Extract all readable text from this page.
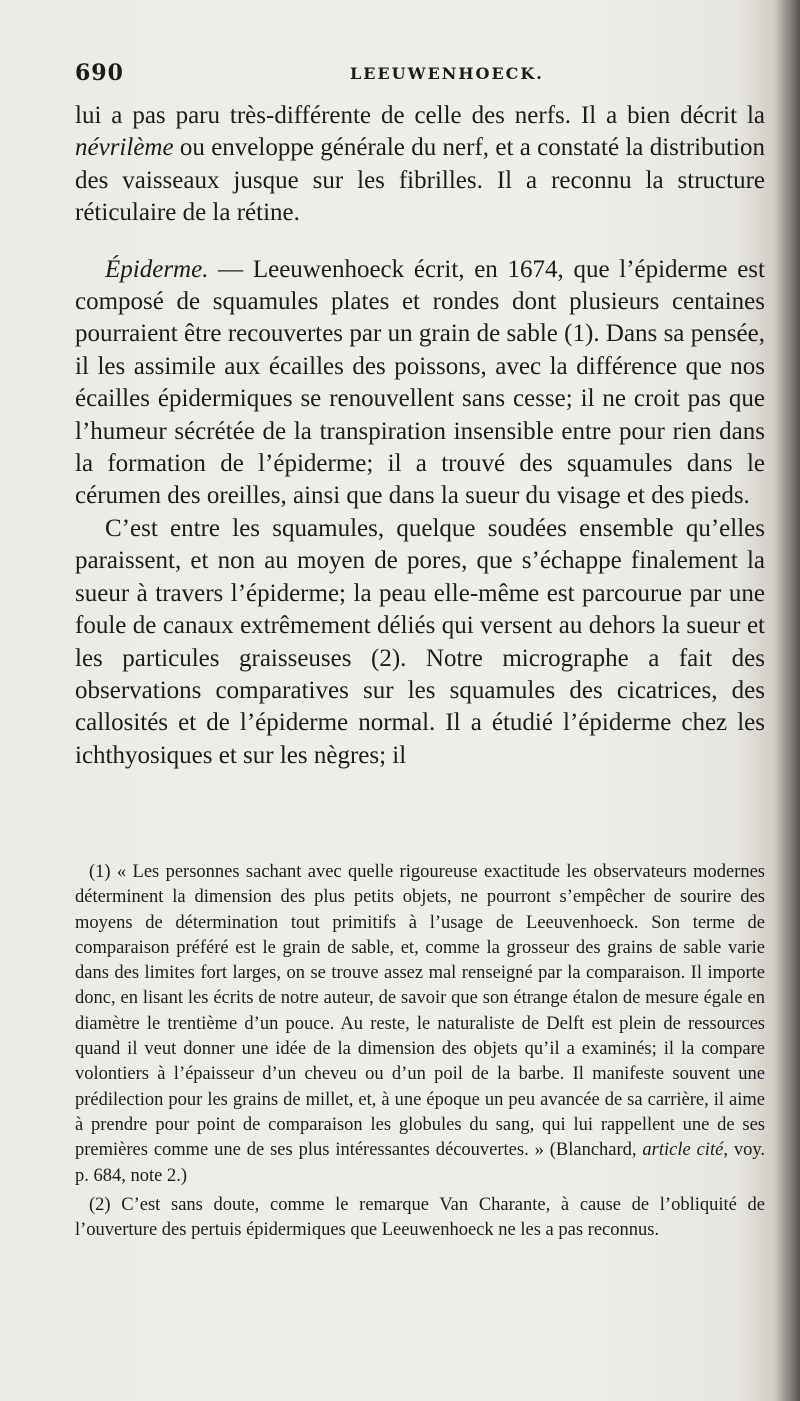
690	LEEUWENHOECK.

lui a pas paru très-différente de celle des nerfs. Il a bien décrit la névrilème ou enveloppe générale du nerf, et a constaté la distribution des vaisseaux jusque sur les fibrilles. Il a reconnu la structure réticulaire de la rétine.

Épiderme. — Leeuwenhoeck écrit, en 1674, que l’épiderme est composé de squamules plates et rondes dont plusieurs centaines pourraient être recouvertes par un grain de sable (1). Dans sa pensée, il les assimile aux écailles des poissons, avec la différence que nos écailles épidermiques se renouvellent sans cesse; il ne croit pas que l’humeur sécrétée de la transpiration insensible entre pour rien dans la formation de l’épiderme; il a trouvé des squamules dans le cérumen des oreilles, ainsi que dans la sueur du visage et des pieds.

C’est entre les squamules, quelque soudées ensemble qu’elles paraissent, et non au moyen de pores, que s’échappe finalement la sueur à travers l’épiderme; la peau elle-même est parcourue par une foule de canaux extrêmement déliés qui versent au dehors la sueur et les particules graisseuses (2). Notre micrographe a fait des observations comparatives sur les squamules des cicatrices, des callosités et de l’épiderme normal. Il a étudié l’épiderme chez les ichthyosiques et sur les nègres; il

(1) « Les personnes sachant avec quelle rigoureuse exactitude les observateurs modernes déterminent la dimension des plus petits objets, ne pourront s’empêcher de sourire des moyens de détermination tout primitifs à l’usage de Leeuvenhoeck. Son terme de comparaison préféré est le grain de sable, et, comme la grosseur des grains de sable varie dans des limites fort larges, on se trouve assez mal renseigné par la comparaison. Il importe donc, en lisant les écrits de notre auteur, de savoir que son étrange étalon de mesure égale en diamètre le trentième d’un pouce. Au reste, le naturaliste de Delft est plein de ressources quand il veut donner une idée de la dimension des objets qu’il a examinés; il la compare volontiers à l’épaisseur d’un cheveu ou d’un poil de la barbe. Il manifeste souvent une prédilection pour les grains de millet, et, à une époque un peu avancée de sa carrière, il aime à prendre pour point de comparaison les globules du sang, qui lui rappellent une de ses premières comme une de ses plus intéressantes découvertes. » (Blanchard, article cité, voy. p. 684, note 2.)

(2) C’est sans doute, comme le remarque Van Charante, à cause de l’obliquité de l’ouverture des pertuis épidermiques que Leeuwenhoeck ne les a pas reconnus.
